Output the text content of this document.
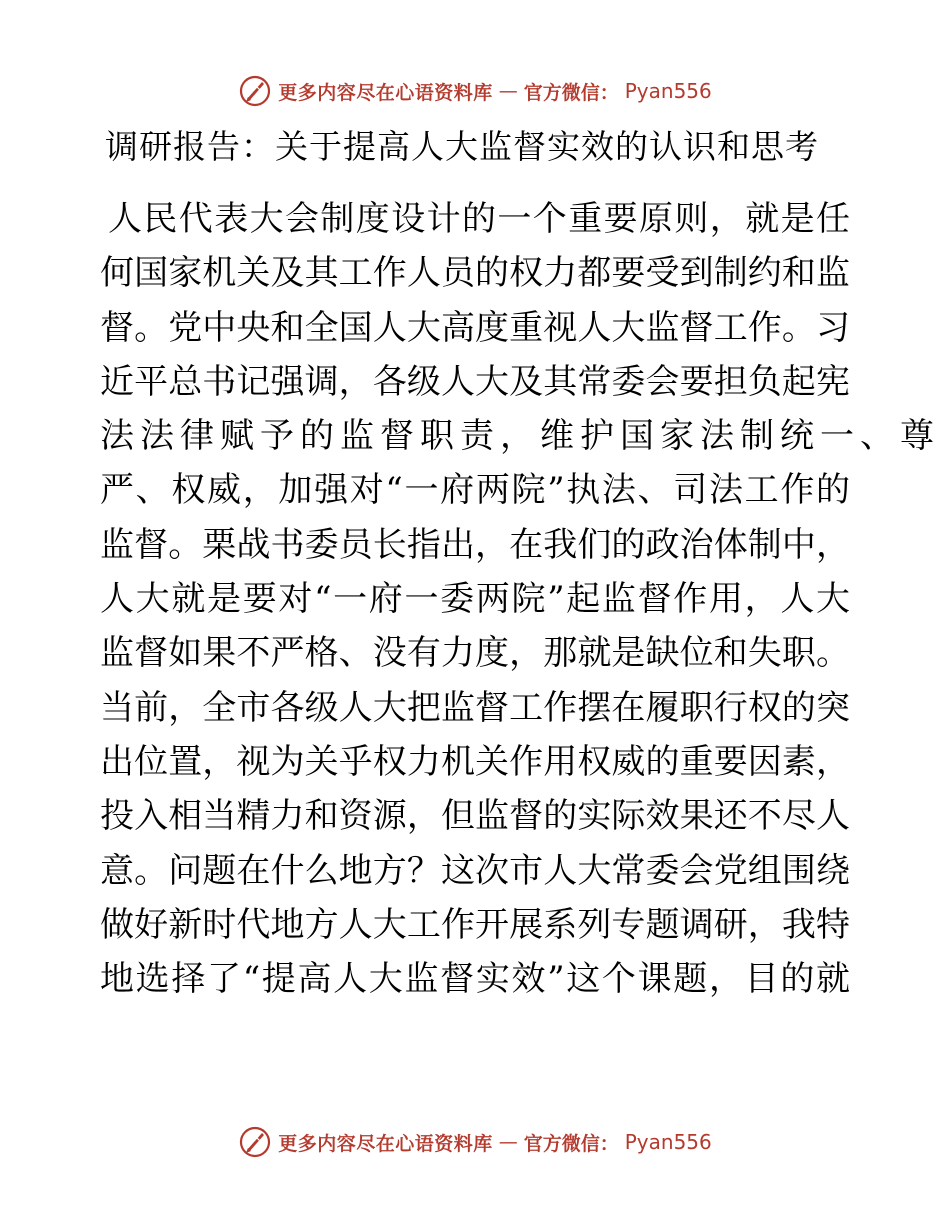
更多内容尽在心语资料库 — 官方微信： Pyan556
调研报告：关于提高人大监督实效的认识和思考
人民代表大会制度设计的一个重要原则，就是任
何国家机关及其工作人员的权力都要受到制约和监
督。党中央和全国人大高度重视人大监督工作。习
近平总书记强调，各级人大及其常委会要担负起宪
法法律赋予的监督职责，维护国家法制统一、尊
严、权威，加强对“一府两院”执法、司法工作的
监督。栗战书委员长指出，在我们的政治体制中，
人大就是要对“一府一委两院”起监督作用，人大
监督如果不严格、没有力度，那就是缺位和失职。
当前，全市各级人大把监督工作摆在履职行权的突
出位置，视为关乎权力机关作用权威的重要因素，
投入相当精力和资源，但监督的实际效果还不尽人
意。问题在什么地方？这次市人大常委会党组围绕
做好新时代地方人大工作开展系列专题调研，我特
地选择了“提高人大监督实效”这个课题，目的就
更多内容尽在心语资料库 — 官方微信： Pyan556
